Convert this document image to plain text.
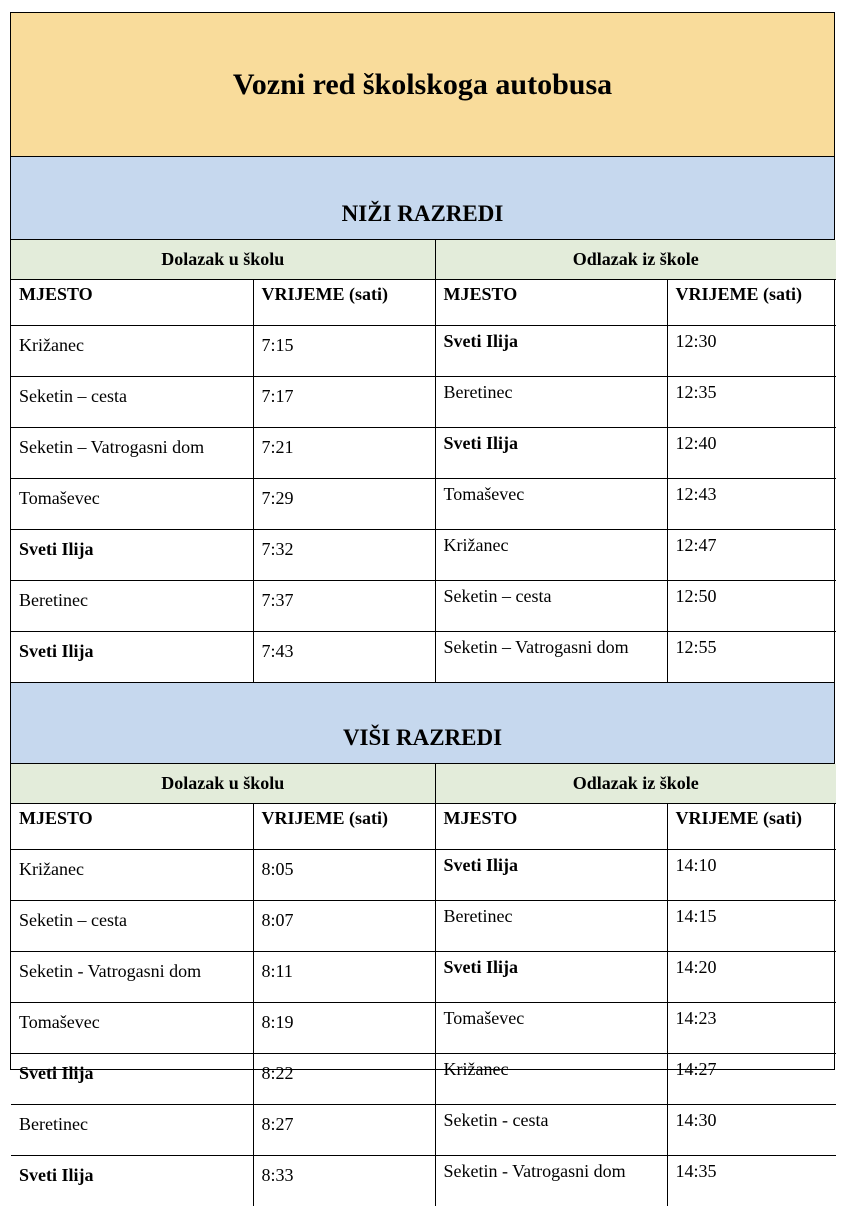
Vozni red školskoga autobusa
NIŽI RAZREDI
Dolazak u školu		Odlazak iz škole	
MJESTO	VRIJEME (sati)	MJESTO	VRIJEME (sati)
Križanec	7:15	Sveti Ilija	12:30
Seketin – cesta	7:17	Beretinec	12:35
Seketin – Vatrogasni dom	7:21	Sveti Ilija	12:40
Tomaševec	7:29	Tomaševec	12:43
Sveti Ilija	7:32	Križanec	12:47
Beretinec	7:37	Seketin – cesta	12:50
Sveti Ilija	7:43	Seketin – Vatrogasni dom	12:55
VIŠI RAZREDI
Dolazak u školu		Odlazak iz škole	
MJESTO	VRIJEME (sati)	MJESTO	VRIJEME (sati)
Križanec	8:05	Sveti Ilija	14:10
Seketin – cesta	8:07	Beretinec	14:15
Seketin - Vatrogasni dom	8:11	Sveti Ilija	14:20
Tomaševec	8:19	Tomaševec	14:23
Sveti Ilija	8:22	Križanec	14:27
Beretinec	8:27	Seketin - cesta	14:30
Sveti Ilija	8:33	Seketin - Vatrogasni dom	14:35
